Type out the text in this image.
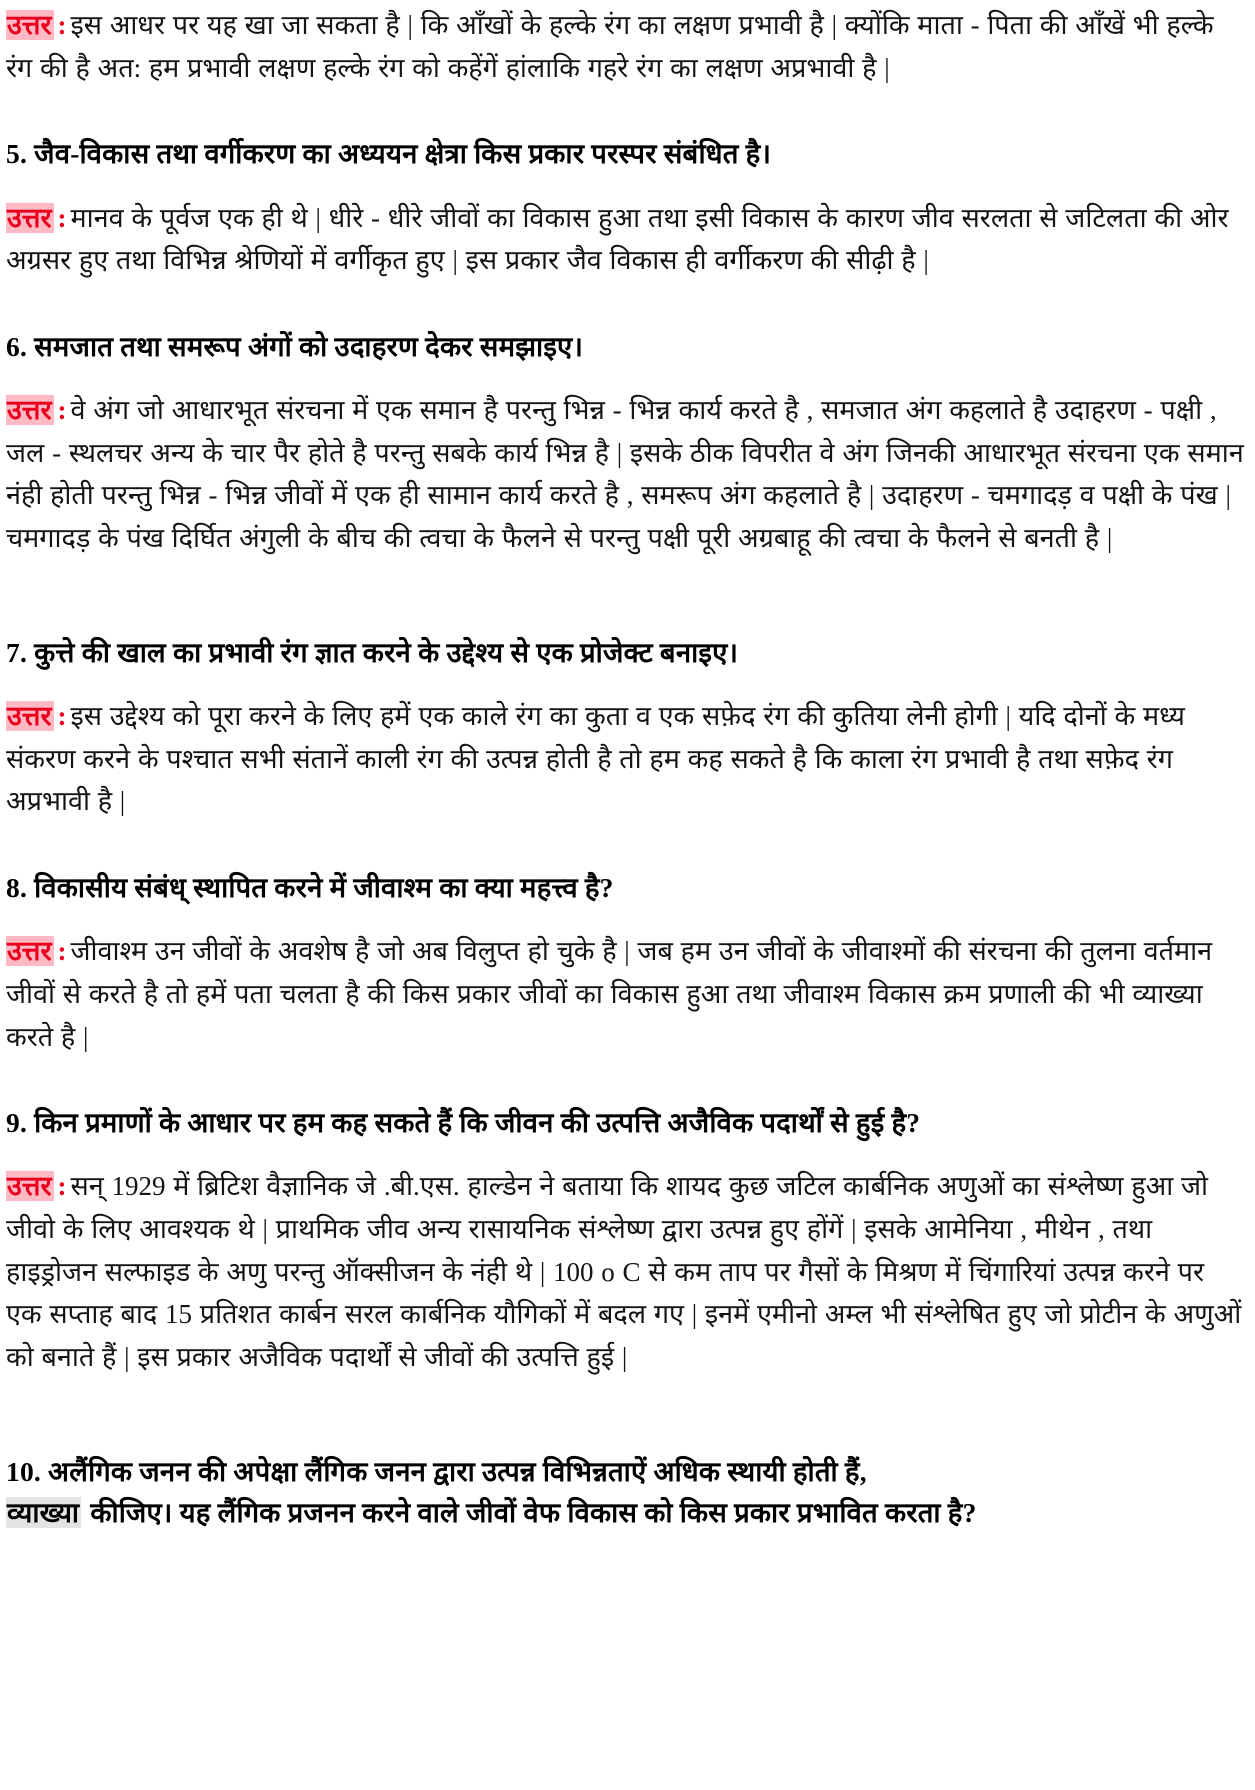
उत्तर : इस आधर पर यह खा जा सकता है | कि आँखों के हल्के रंग का लक्षण प्रभावी है | क्योंकि माता - पिता की आँखें भी हल्के रंग की है अत: हम प्रभावी लक्षण हल्के रंग को कहेंगें हांलाकि गहरे रंग का लक्षण अप्रभावी है |

5. जैव-विकास तथा वर्गीकरण का अध्ययन क्षेत्रा किस प्रकार परस्पर संबंधित है।

उत्तर : मानव के पूर्वज एक ही थे | धीरे - धीरे जीवों का विकास हुआ तथा इसी विकास के कारण जीव सरलता से जटिलता की ओर अग्रसर हुए तथा विभिन्न श्रेणियों में वर्गीकृत हुए | इस प्रकार जैव विकास ही वर्गीकरण की सीढ़ी है |

6. समजात तथा समरूप अंगों को उदाहरण देकर समझाइए।

उत्तर : वे अंग जो आधारभूत संरचना में एक समान है परन्तु भिन्न - भिन्न कार्य करते है , समजात अंग कहलाते है उदाहरण - पक्षी , जल - स्थलचर अन्य के चार पैर होते है परन्तु सबके कार्य भिन्न है | इसके ठीक विपरीत वे अंग जिनकी आधारभूत संरचना एक समान नंही होती परन्तु भिन्न - भिन्न जीवों में एक ही सामान कार्य करते है , समरूप अंग कहलाते है | उदाहरण - चमगादड़ व पक्षी के पंख | चमगादड़ के पंख दिर्घित अंगुली के बीच की त्वचा के फैलने से परन्तु पक्षी पूरी अग्रबाहू की त्वचा के फैलने से बनती है |

7. कुत्ते की खाल का प्रभावी रंग ज्ञात करने के उद्देश्य से एक प्रोजेक्ट बनाइए।

उत्तर : इस उद्देश्य को पूरा करने के लिए हमें एक काले रंग का कुता व एक सफ़ेद रंग की कुतिया लेनी होगी | यदि दोनों के मध्य संकरण करने के पश्चात सभी संतानें काली रंग की उत्पन्न होती है तो हम कह सकते है कि काला रंग प्रभावी है तथा सफ़ेद रंग अप्रभावी है |

8. विकासीय संबंध् स्थापित करने में जीवाश्म का क्या महत्त्व है?

उत्तर : जीवाश्म उन जीवों के अवशेष है जो अब विलुप्त हो चुके है | जब हम उन जीवों के जीवाश्मों की संरचना की तुलना वर्तमान जीवों से करते है तो हमें पता चलता है की किस प्रकार जीवों का विकास हुआ तथा जीवाश्म विकास क्रम प्रणाली की भी व्याख्या करते है |

9. किन प्रमाणों के आधार पर हम कह सकते हैं कि जीवन की उत्पत्ति अजैविक पदार्थों से हुई है?

उत्तर : सन् 1929 में ब्रिटिश वैज्ञानिक जे .बी.एस. हाल्डेन ने बताया कि शायद कुछ जटिल कार्बनिक अणुओं का संश्लेष्ण हुआ जो जीवो के लिए आवश्यक थे | प्राथमिक जीव अन्य रासायनिक संश्लेष्ण द्वारा उत्पन्न हुए होंगें | इसके आमेनिया , मीथेन , तथा हाइड्रोजन सल्फाइड के अणु परन्तु ऑक्सीजन के नंही थे | 100 ο C से कम ताप पर गैसों के मिश्रण में चिंगारियां उत्पन्न करने पर एक सप्ताह बाद 15 प्रतिशत कार्बन सरल कार्बनिक यौगिकों में बदल गए | इनमें एमीनो अम्ल भी संश्लेषित हुए जो प्रोटीन के अणुओं को बनाते हैं | इस प्रकार अजैविक पदार्थों से जीवों की उत्पत्ति हुई |

10. अलैंगिक जनन की अपेक्षा लैंगिक जनन द्वारा उत्पन्न विभिन्नताऐं अधिक स्थायी होती हैं,

व्याख्या कीजिए। यह लैंगिक प्रजनन करने वाले जीवों वेफ विकास को किस प्रकार प्रभावित करता है?
